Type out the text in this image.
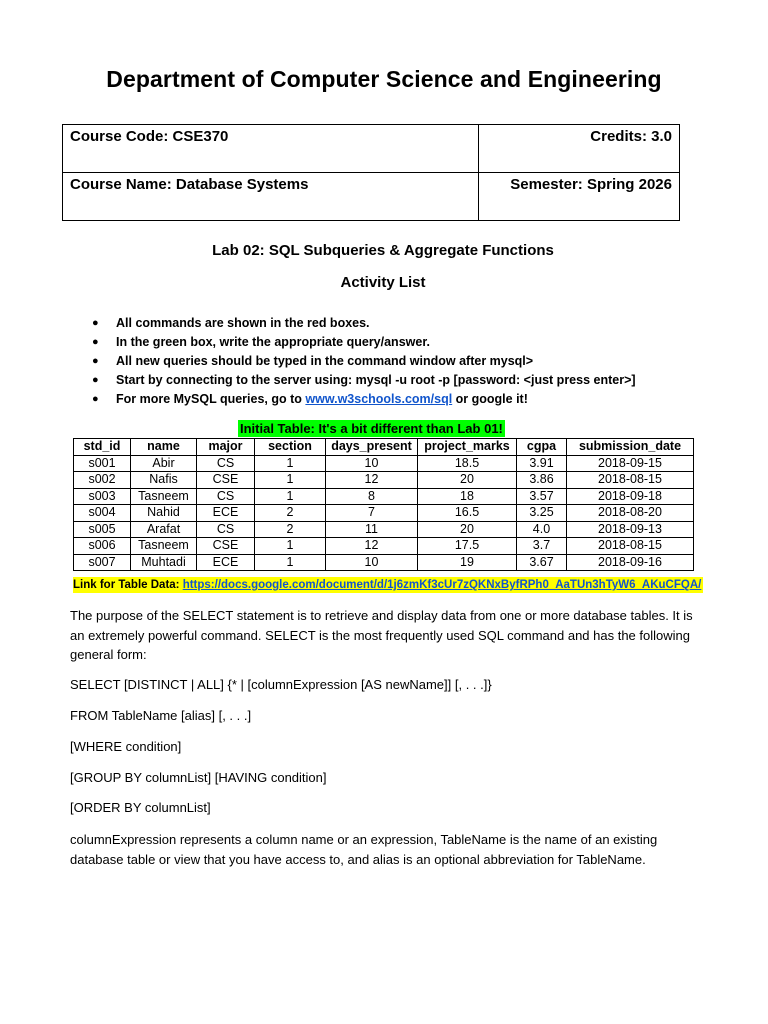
Department of Computer Science and Engineering
Course Code: CSE370	Credits: 3.0
Course Name: Database Systems	Semester: Spring 2026
Lab 02: SQL Subqueries & Aggregate Functions
Activity List
● All commands are shown in the red boxes.
● In the green box, write the appropriate query/answer.
● All new queries should be typed in the command window after mysql>
● Start by connecting to the server using: mysql -u root -p [password: <just press enter>]
● For more MySQL queries, go to www.w3schools.com/sql or google it!
Initial Table: It's a bit different than Lab 01!
std_id	name	major	section	days_present	project_marks	cgpa	submission_date
s001	Abir	CS	1	10	18.5	3.91	2018-09-15
s002	Nafis	CSE	1	12	20	3.86	2018-08-15
s003	Tasneem	CS	1	8	18	3.57	2018-09-18
s004	Nahid	ECE	2	7	16.5	3.25	2018-08-20
s005	Arafat	CS	2	11	20	4.0	2018-09-13
s006	Tasneem	CSE	1	12	17.5	3.7	2018-08-15
s007	Muhtadi	ECE	1	10	19	3.67	2018-09-16
Link for Table Data: https://docs.google.com/document/d/1j6zmKf3cUr7zQKNxByfRPh0_AaTUn3hTyW6_AKuCFQA/
The purpose of the SELECT statement is to retrieve and display data from one or more database tables. It is an extremely powerful command. SELECT is the most frequently used SQL command and has the following general form:
SELECT [DISTINCT | ALL] {* | [columnExpression [AS newName]] [, . . .]}
FROM TableName [alias] [, . . .]
[WHERE condition]
[GROUP BY columnList] [HAVING condition]
[ORDER BY columnList]
columnExpression represents a column name or an expression, TableName is the name of an existing database table or view that you have access to, and alias is an optional abbreviation for TableName.
